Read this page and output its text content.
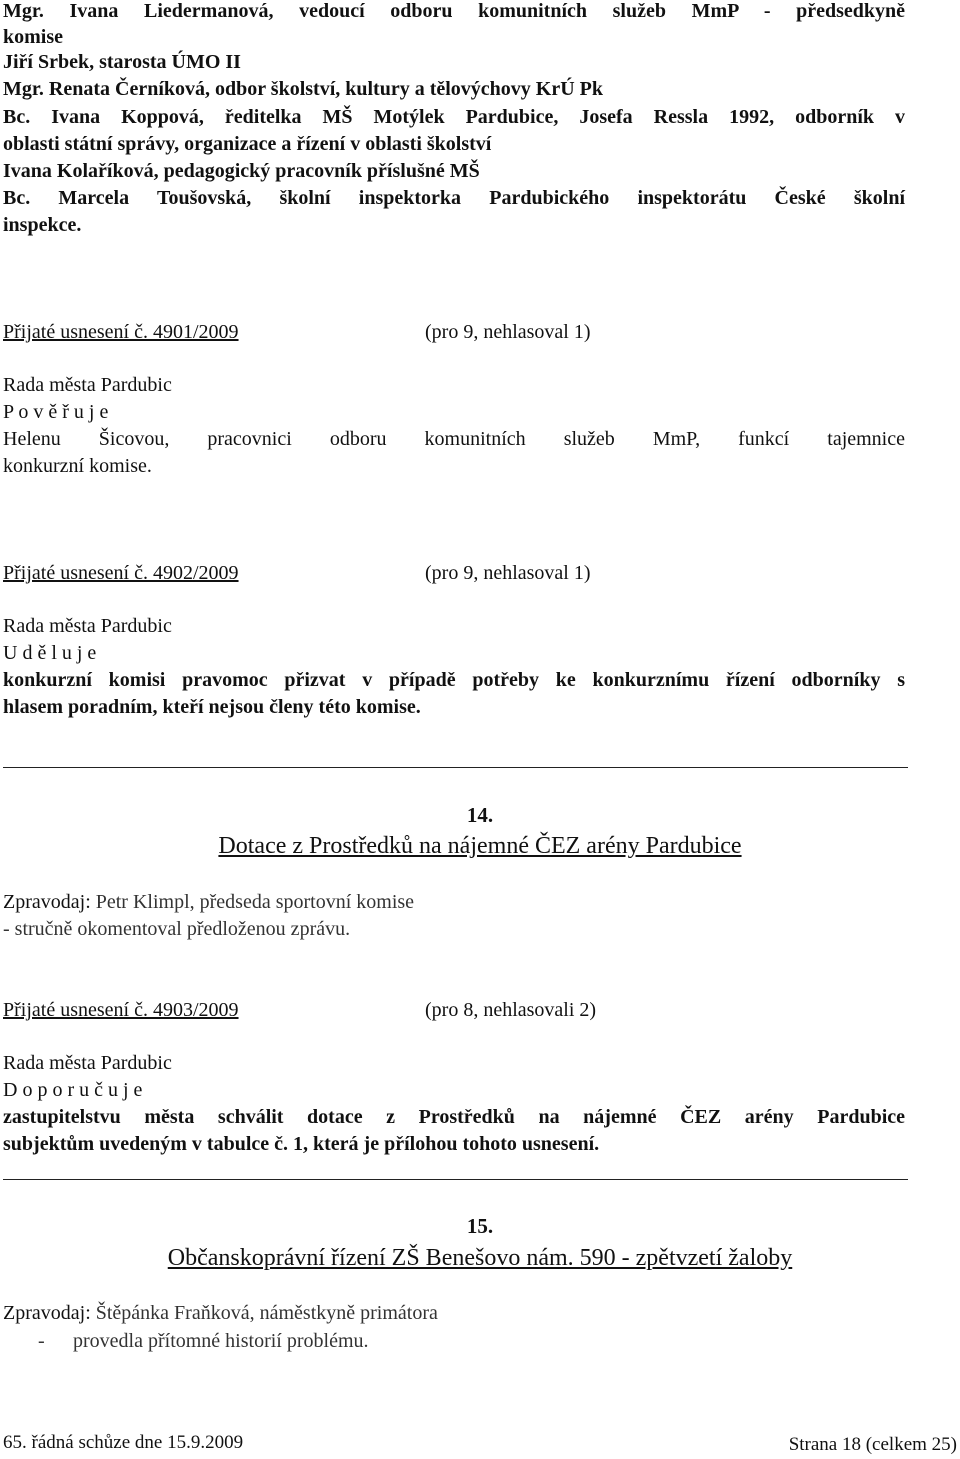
Mgr. Ivana Liedermanová, vedoucí odboru komunitních služeb MmP - předsedkyně
komise
Jiří Srbek, starosta ÚMO II
Mgr. Renata Černíková, odbor školství, kultury a tělovýchovy KrÚ Pk
Bc. Ivana Koppová, ředitelka MŠ Motýlek Pardubice, Josefa Ressla 1992, odborník v
oblasti státní správy, organizace a řízení v oblasti školství
Ivana Kolaříková, pedagogický pracovník příslušné MŠ
Bc. Marcela Toušovská, školní inspektorka Pardubického inspektorátu České školní
inspekce.
Přijaté usnesení č. 4901/2009	(pro 9, nehlasoval 1)
Rada města Pardubic
P o v ě ř u j e
Helenu Šicovou, pracovnici odboru komunitních služeb MmP, funkcí tajemnice
konkurzní komise.
Přijaté usnesení č. 4902/2009	(pro 9, nehlasoval 1)
Rada města Pardubic
U d ě l u j e
konkurzní komisi pravomoc přizvat v případě potřeby ke konkurznímu řízení odborníky s
hlasem poradním, kteří nejsou členy této komise.
14.
Dotace z Prostředků na nájemné ČEZ arény Pardubice
Zpravodaj: Petr Klimpl, předseda sportovní komise
- stručně okomentoval předloženou zprávu.
Přijaté usnesení č. 4903/2009	(pro 8, nehlasovali 2)
Rada města Pardubic
D o p o r u č u j e
zastupitelstvu města schválit dotace z Prostředků na nájemné ČEZ arény Pardubice
subjektům uvedeným v tabulce č. 1, která je přílohou tohoto usnesení.
15.
Občanskoprávní řízení ZŠ Benešovo nám. 590 - zpětvzetí žaloby
Zpravodaj: Štěpánka Fraňková, náměstkyně primátora
- provedla přítomné historií problému.
65. řádná schůze dne 15.9.2009	Strana 18 (celkem 25)
